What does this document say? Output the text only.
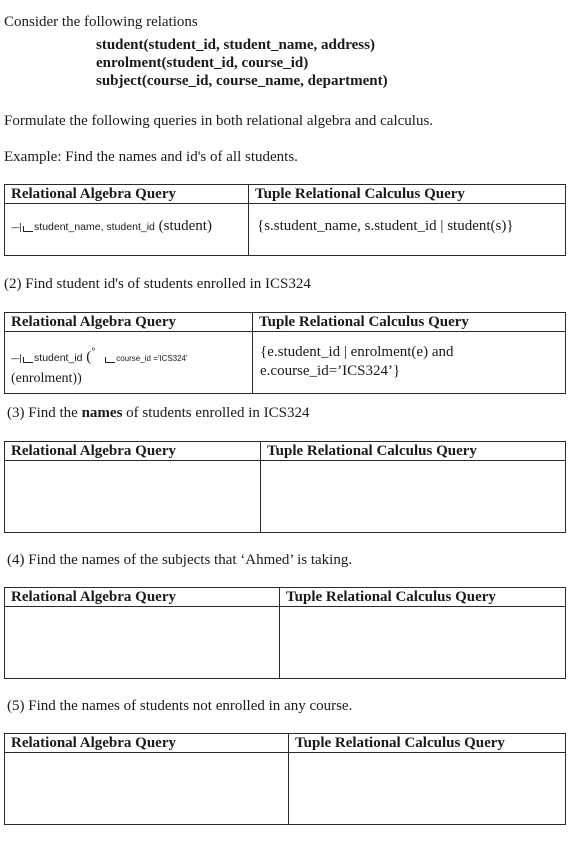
Consider the following relations
student(student_id, student_name, address)
enrolment(student_id, course_id)
subject(course_id, course_name, department)
Formulate the following queries in both relational algebra and calculus.
Example: Find the names and id's of all students.
Relational Algebra Query	Tuple Relational Calculus Query

--–| student_name, student_id (student)	{s.student_name, s.student_id | student(s)}
(2) Find student id's of students enrolled in ICS324
Relational Algebra Query	Tuple Relational Calculus Query

--–| student_id (° course_id ='ICS324'
(enrolment))	{e.student_id | enrolment(e) and
e.course_id=’ICS324’}
(3) Find the names of students enrolled in ICS324
Relational Algebra Query	Tuple Relational Calculus Query

(4) Find the names of the subjects that ‘Ahmed’ is taking.
Relational Algebra Query	Tuple Relational Calculus Query

(5) Find the names of students not enrolled in any course.
Relational Algebra Query	Tuple Relational Calculus Query
